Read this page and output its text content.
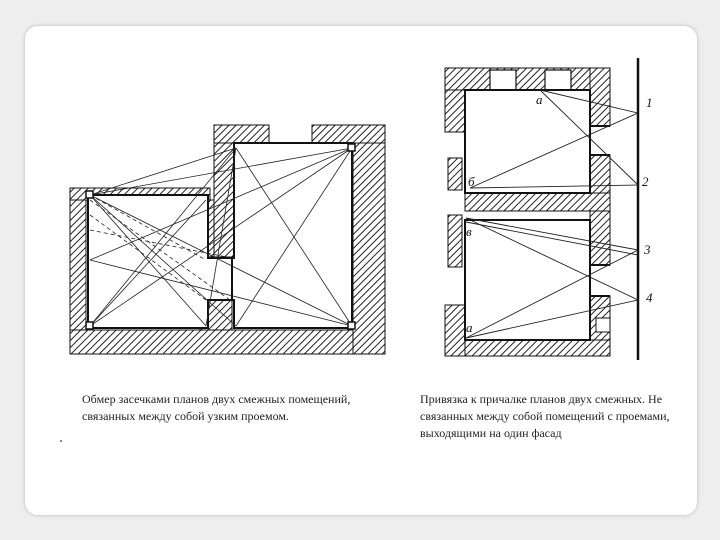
a
б
в
а
1
2
3
4
Обмер засечками планов двух смежных помещений, связанных между собой узким проемом.
Привязка к причалке планов двух смежных. Не связанных между собой помещений с проемами, выходящими на один фасад
